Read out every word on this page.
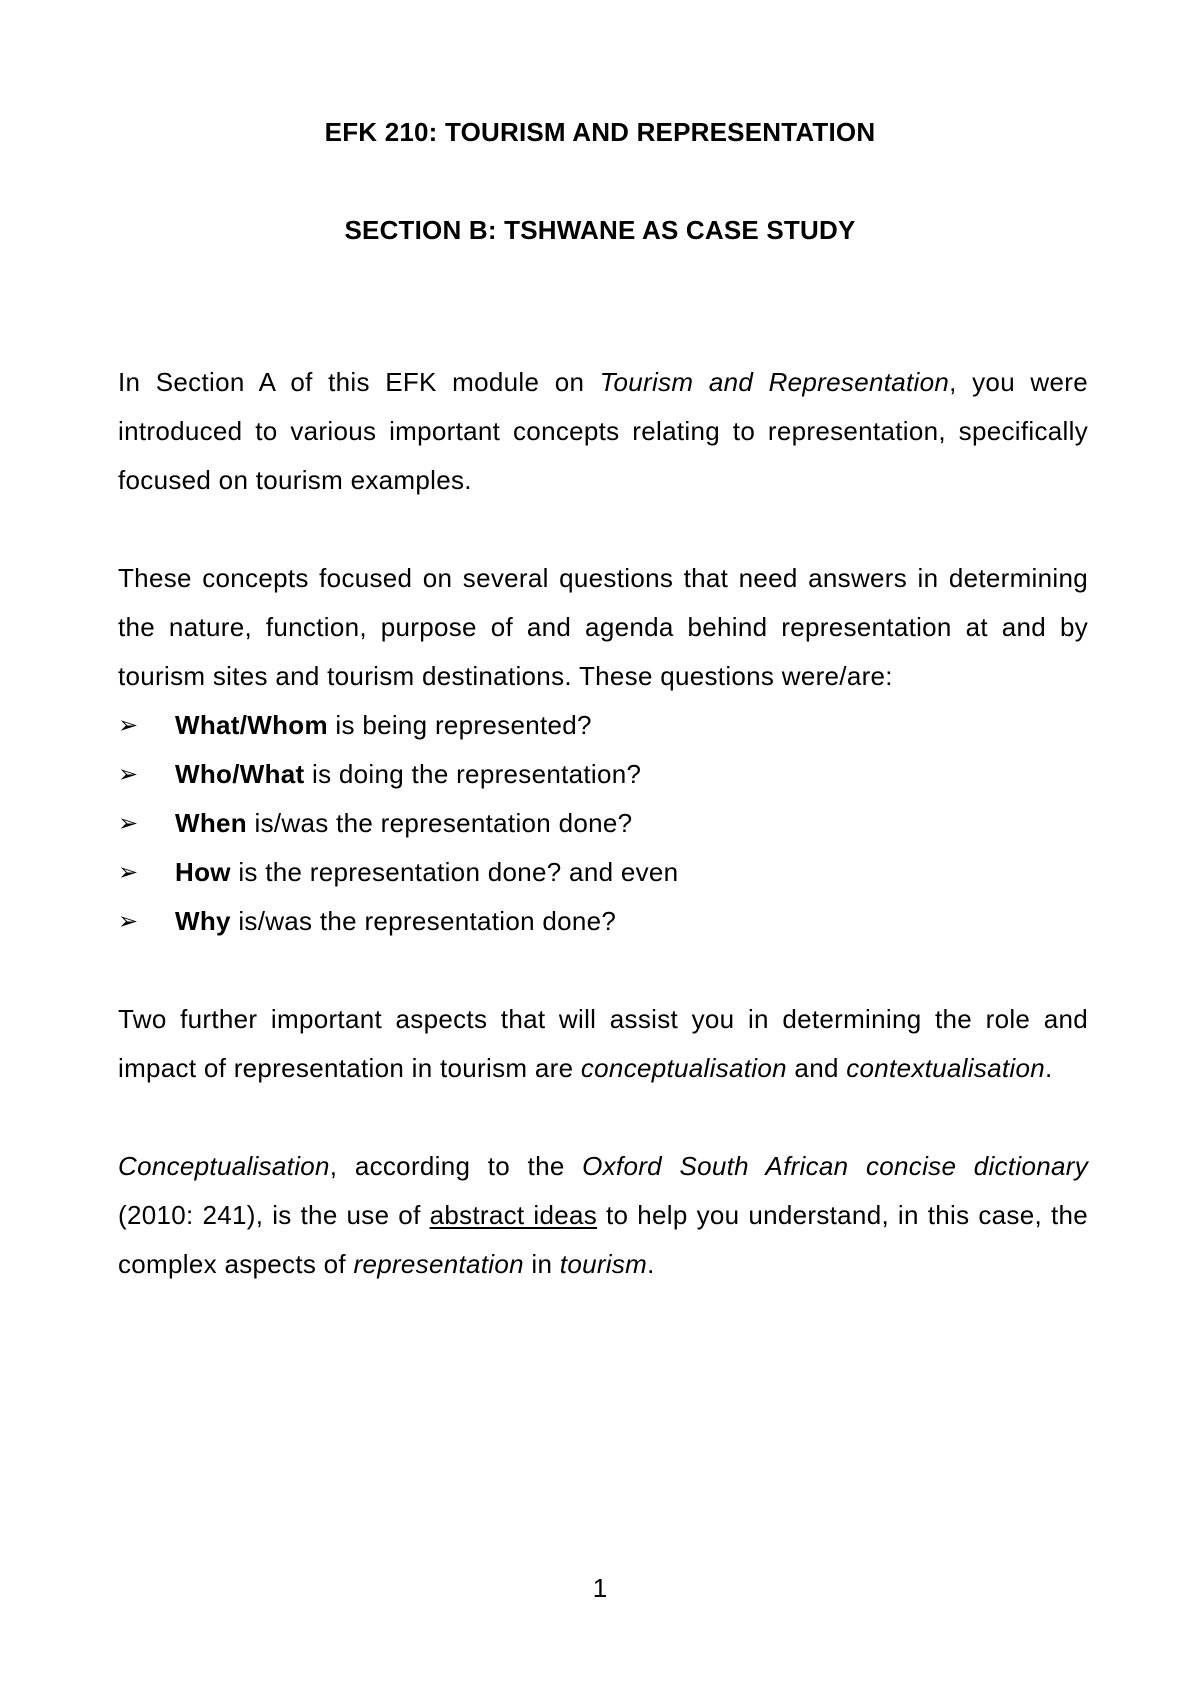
EFK 210: TOURISM AND REPRESENTATION
SECTION B: TSHWANE AS CASE STUDY

In Section A of this EFK module on Tourism and Representation, you were introduced to various important concepts relating to representation, specifically focused on tourism examples.

These concepts focused on several questions that need answers in determining the nature, function, purpose of and agenda behind representation at and by tourism sites and tourism destinations. These questions were/are:

➢	What/Whom is being represented?
➢	Who/What is doing the representation?
➢	When is/was the representation done?
➢	How is the representation done? and even
➢	Why is/was the representation done?

Two further important aspects that will assist you in determining the role and impact of representation in tourism are conceptualisation and contextualisation.

Conceptualisation, according to the Oxford South African concise dictionary (2010: 241), is the use of abstract ideas to help you understand, in this case, the complex aspects of representation in tourism.

1
